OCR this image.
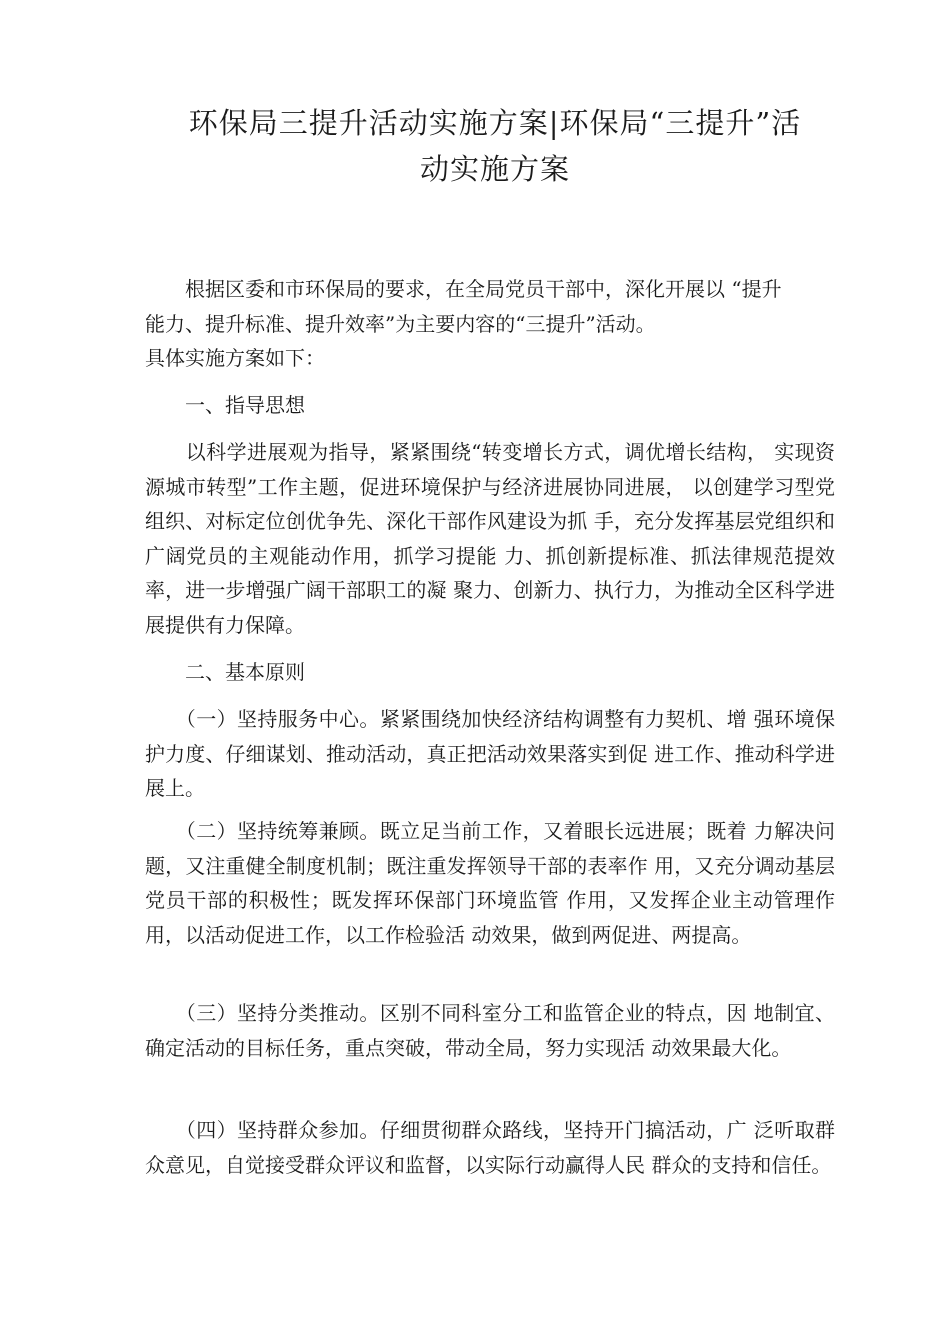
环保局三提升活动实施方案|环保局“三提升”活
动实施方案
　　根据区委和市环保局的要求，在全局党员干部中，深化开展以 “提升
能力、提升标准、提升效率”为主要内容的“三提升”活动。
具体实施方案如下：

　　一、指导思想

　　以科学进展观为指导，紧紧围绕“转变增长方式，调优增长结构， 实现资源城市转型”工作主题，促进环境保护与经济进展协同进展， 以创建学习型党组织、对标定位创优争先、深化干部作风建设为抓 手，充分发挥基层党组织和广阔党员的主观能动作用，抓学习提能 力、抓创新提标准、抓法律规范提效率，进一步增强广阔干部职工的凝 聚力、创新力、执行力，为推动全区科学进展提供有力保障。

　　二、基本原则

　　（一）坚持服务中心。紧紧围绕加快经济结构调整有力契机、增 强环境保护力度、仔细谋划、推动活动，真正把活动效果落实到促 进工作、推动科学进展上。

　　（二）坚持统筹兼顾。既立足当前工作，又着眼长远进展；既着 力解决问题，又注重健全制度机制；既注重发挥领导干部的表率作 用，又充分调动基层党员干部的积极性；既发挥环保部门环境监管 作用，又发挥企业主动管理作用，以活动促进工作，以工作检验活 动效果，做到两促进、两提高。

　　（三）坚持分类推动。区别不同科室分工和监管企业的特点，因 地制宜、确定活动的目标任务，重点突破，带动全局，努力实现活 动效果最大化。

　　（四）坚持群众参加。仔细贯彻群众路线，坚持开门搞活动，广 泛听取群众意见，自觉接受群众评议和监督，以实际行动赢得人民 群众的支持和信任。
